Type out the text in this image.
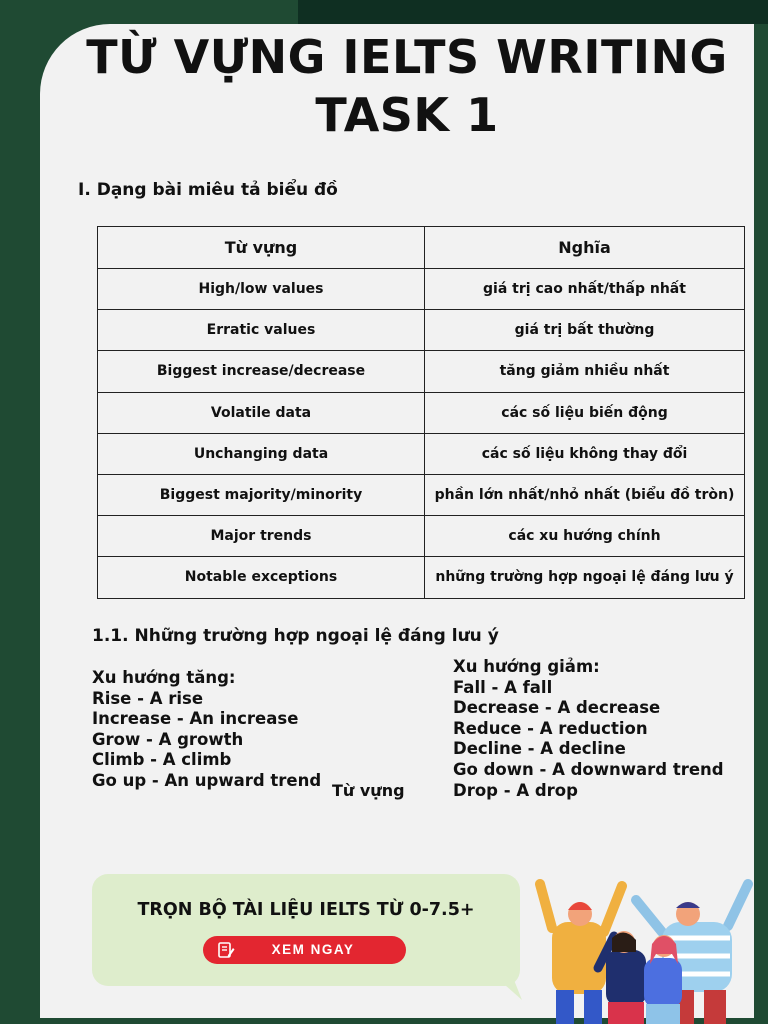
TỪ VỰNG IELTS WRITING
TASK 1

I. Dạng bài miêu tả biểu đồ

Từ vựng	Nghĩa
High/low values	giá trị cao nhất/thấp nhất
Erratic values	giá trị bất thường
Biggest increase/decrease	tăng giảm nhiều nhất
Volatile data	các số liệu biến động
Unchanging data	các số liệu không thay đổi
Biggest majority/minority	phần lớn nhất/nhỏ nhất (biểu đồ tròn)
Major trends	các xu hướng chính
Notable exceptions	những trường hợp ngoại lệ đáng lưu ý

1.1. Những trường hợp ngoại lệ đáng lưu ý

Xu hướng tăng:
Rise - A rise
Increase - An increase
Grow - A growth
Climb - A climb
Go up - An upward trend
Từ vựng
Xu hướng giảm:
Fall - A fall
Decrease - A decrease
Reduce - A reduction
Decline - A decline
Go down - A downward trend
Drop - A drop
TRỌN BỘ TÀI LIỆU IELTS TỪ 0-7.5+
XEM NGAY
